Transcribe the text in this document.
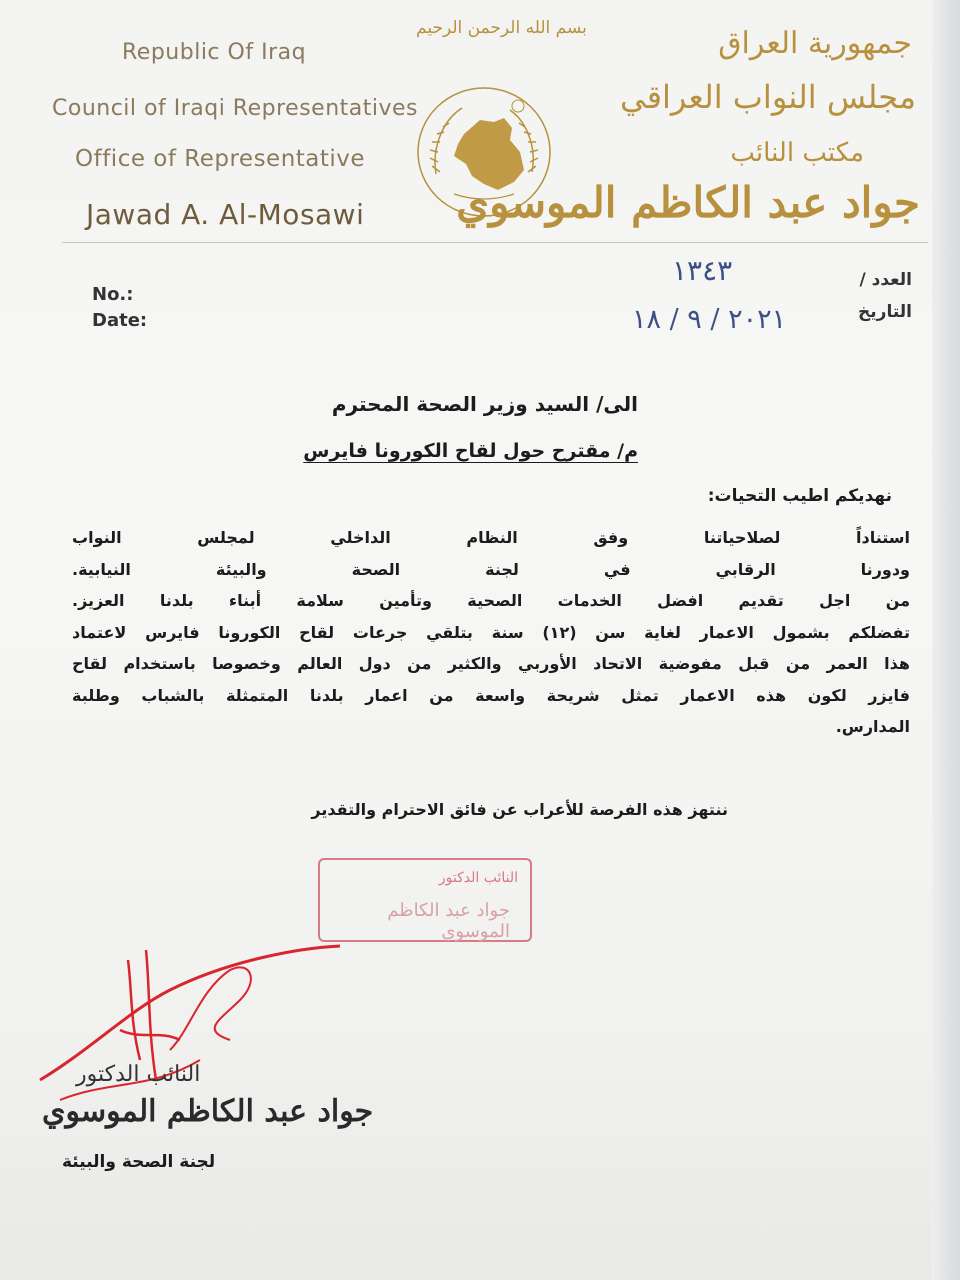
Republic Of Iraq
Council of Iraqi Representatives
Office of Representative
Jawad A. Al-Mosawi
بسم الله الرحمن الرحيم	جمهورية العراق
مجلس النواب العراقي
مكتب النائب
جواد عبد الكاظم الموسوي
No.:
Date:
العدد /
التاريخ
١٣٤٣
٢٠٢١ / ٩ / ١٨
الى/ السيد وزير الصحة المحترم
م/ مقترح حول لقاح الكورونا فايرس
نهديكم اطيب التحيات:
استناداً لصلاحياتنا وفق النظام الداخلي لمجلس النواب
ودورنا الرقابي في لجنة الصحة والبيئة النيابية.
من اجل تقديم افضل الخدمات الصحية وتأمين سلامة أبناء بلدنا العزيز.
تفضلكم بشمول الاعمار لغاية سن (١٢) سنة بتلقي جرعات لقاح الكورونا فايرس لاعتماد
هذا العمر من قبل مفوضية الاتحاد الأوربي والكثير من دول العالم وخصوصا باستخدام لقاح
فايزر لكون هذه الاعمار تمثل شريحة واسعة من اعمار بلدنا المتمثلة بالشباب وطلبة
المدارس.
ننتهز هذه الفرصة للأعراب عن فائق الاحترام والتقدير
النائب الدكتور
جواد عبد الكاظم الموسوي
النائب الدكتور
جواد عبد الكاظم الموسوي
لجنة الصحة والبيئة
